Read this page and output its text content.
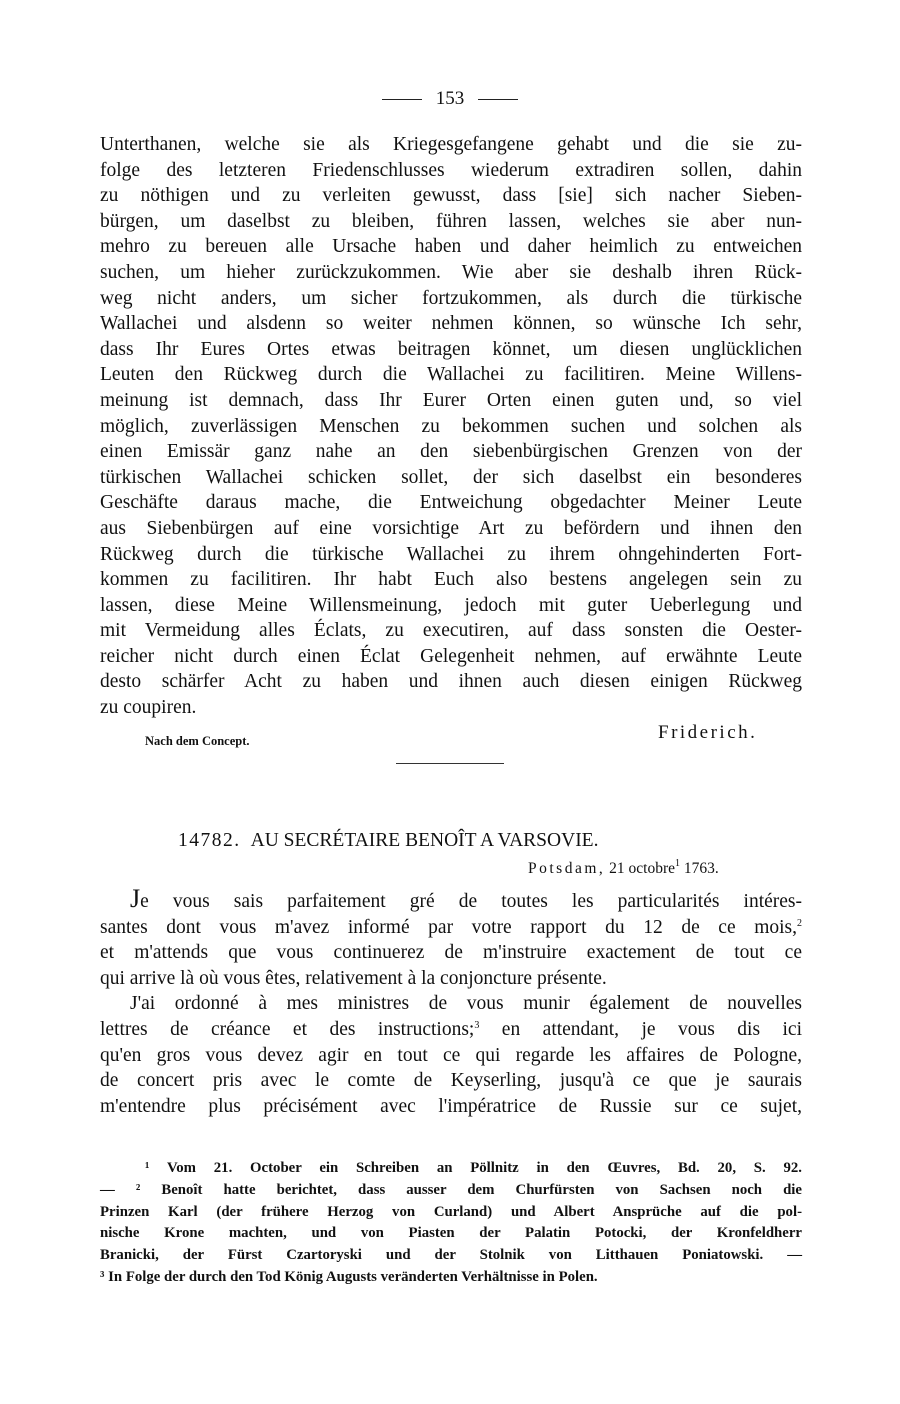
153
Unterthanen, welche sie als Kriegesgefangene gehabt und die sie zu-
folge des letzteren Friedenschlusses wiederum extradiren sollen, dahin
zu nöthigen und zu verleiten gewusst, dass [sie] sich nacher Sieben-
bürgen, um daselbst zu bleiben, führen lassen, welches sie aber nun-
mehro zu bereuen alle Ursache haben und daher heimlich zu entweichen
suchen, um hieher zurückzukommen. Wie aber sie deshalb ihren Rück-
weg nicht anders, um sicher fortzukommen, als durch die türkische
Wallachei und alsdenn so weiter nehmen können, so wünsche Ich sehr,
dass Ihr Eures Ortes etwas beitragen könnet, um diesen unglücklichen
Leuten den Rückweg durch die Wallachei zu facilitiren. Meine Willens-
meinung ist demnach, dass Ihr Eurer Orten einen guten und, so viel
möglich, zuverlässigen Menschen zu bekommen suchen und solchen als
einen Emissär ganz nahe an den siebenbürgischen Grenzen von der
türkischen Wallachei schicken sollet, der sich daselbst ein besonderes
Geschäfte daraus mache, die Entweichung obgedachter Meiner Leute
aus Siebenbürgen auf eine vorsichtige Art zu befördern und ihnen den
Rückweg durch die türkische Wallachei zu ihrem ohngehinderten Fort-
kommen zu facilitiren. Ihr habt Euch also bestens angelegen sein zu
lassen, diese Meine Willensmeinung, jedoch mit guter Ueberlegung und
mit Vermeidung alles Éclats, zu executiren, auf dass sonsten die Oester-
reicher nicht durch einen Éclat Gelegenheit nehmen, auf erwähnte Leute
desto schärfer Acht zu haben und ihnen auch diesen einigen Rückweg
zu coupiren.
Nach dem Concept.	Friderich.
14782. AU SECRÉTAIRE BENOÎT A VARSOVIE.
Potsdam, 21 octobre$^1$ 1763.
Je vous sais parfaitement gré de toutes les particularités intéres-
santes dont vous m'avez informé par votre rapport du 12 de ce mois,$^2$
et m'attends que vous continuerez de m'instruire exactement de tout ce
qui arrive là où vous êtes, relativement à la conjoncture présente.
J'ai ordonné à mes ministres de vous munir également de nouvelles
lettres de créance et des instructions;$^3$ en attendant, je vous dis ici
qu'en gros vous devez agir en tout ce qui regarde les affaires de Pologne,
de concert pris avec le comte de Keyserling, jusqu'à ce que je saurais
m'entendre plus précisément avec l'impératrice de Russie sur ce sujet,
¹ Vom 21. October ein Schreiben an Pöllnitz in den Œuvres, Bd. 20, S. 92.
— ² Benoît hatte berichtet, dass ausser dem Churfürsten von Sachsen noch die
Prinzen Karl (der frühere Herzog von Curland) und Albert Ansprüche auf die pol-
nische Krone machten, und von Piasten der Palatin Potocki, der Kronfeldherr
Branicki, der Fürst Czartoryski und der Stolnik von Litthauen Poniatowski. —
³ In Folge der durch den Tod König Augusts veränderten Verhältnisse in Polen.
